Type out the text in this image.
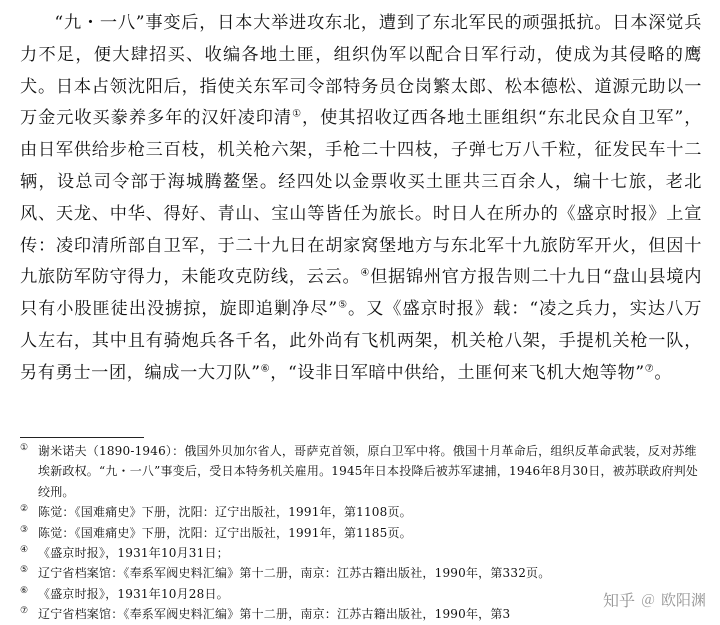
“九・一八”事变后，日本大举进攻东北，遭到了东北军民的顽强抵抗。日本深觉兵力不足，便大肆招买、收编各地土匪，组织伪军以配合日军行动，使成为其侵略的鹰犬。日本占领沈阳后，指使关东军司令部特务员仓岗繁太郎、松本德松、道源元助以一万金元收买豢养多年的汉奸凌印清①，使其招收辽西各地土匪组织“东北民众自卫军”，由日军供给步枪三百枝，机关枪六架，手枪二十四枝，子弹七万八千粒，征发民车十二辆，设总司令部于海城腾鳌堡。经四处以金票收买土匪共三百余人，编十七旅，老北风、天龙、中华、得好、青山、宝山等皆任为旅长。时日人在所办的《盛京时报》上宣传：凌印清所部自卫军，于二十九日在胡家窝堡地方与东北军十九旅防军开火，但因十九旅防军防守得力，未能攻克防线，云云。④但据锦州官方报告则二十九日“盘山县境内只有小股匪徒出没掳掠，旋即追剿净尽”⑤。又《盛京时报》载：“凌之兵力，实达八万人左右，其中且有骑炮兵各千名，此外尚有飞机两架，机关枪八架，手提机关枪一队，另有勇士一团，编成一大刀队”⑥，“设非日军暗中供给，土匪何来飞机大炮等物”⑦。

① 谢米诺夫（1890-1946）：俄国外贝加尔省人，哥萨克首领，原白卫军中将。俄国十月革命后，组织反革命武装，反对苏维埃新政权。“九・一八”事变后，受日本特务机关雇用。1945年日本投降后被苏军逮捕，1946年8月30日，被苏联政府判处绞刑。
② 陈觉：《国难痛史》下册，沈阳：辽宁出版社，1991年，第1108页。
③ 陈觉：《国难痛史》下册，沈阳：辽宁出版社，1991年，第1185页。
④ 《盛京时报》，1931年10月31日；
⑤ 辽宁省档案馆：《奉系军阀史料汇编》第十二册，南京：江苏古籍出版社，1990年，第332页。
⑥ 《盛京时报》，1931年10月28日。
⑦ 辽宁省档案馆：《奉系军阀史料汇编》第十二册，南京：江苏古籍出版社，1990年，第3
知乎 ＠ 欧阳渊
